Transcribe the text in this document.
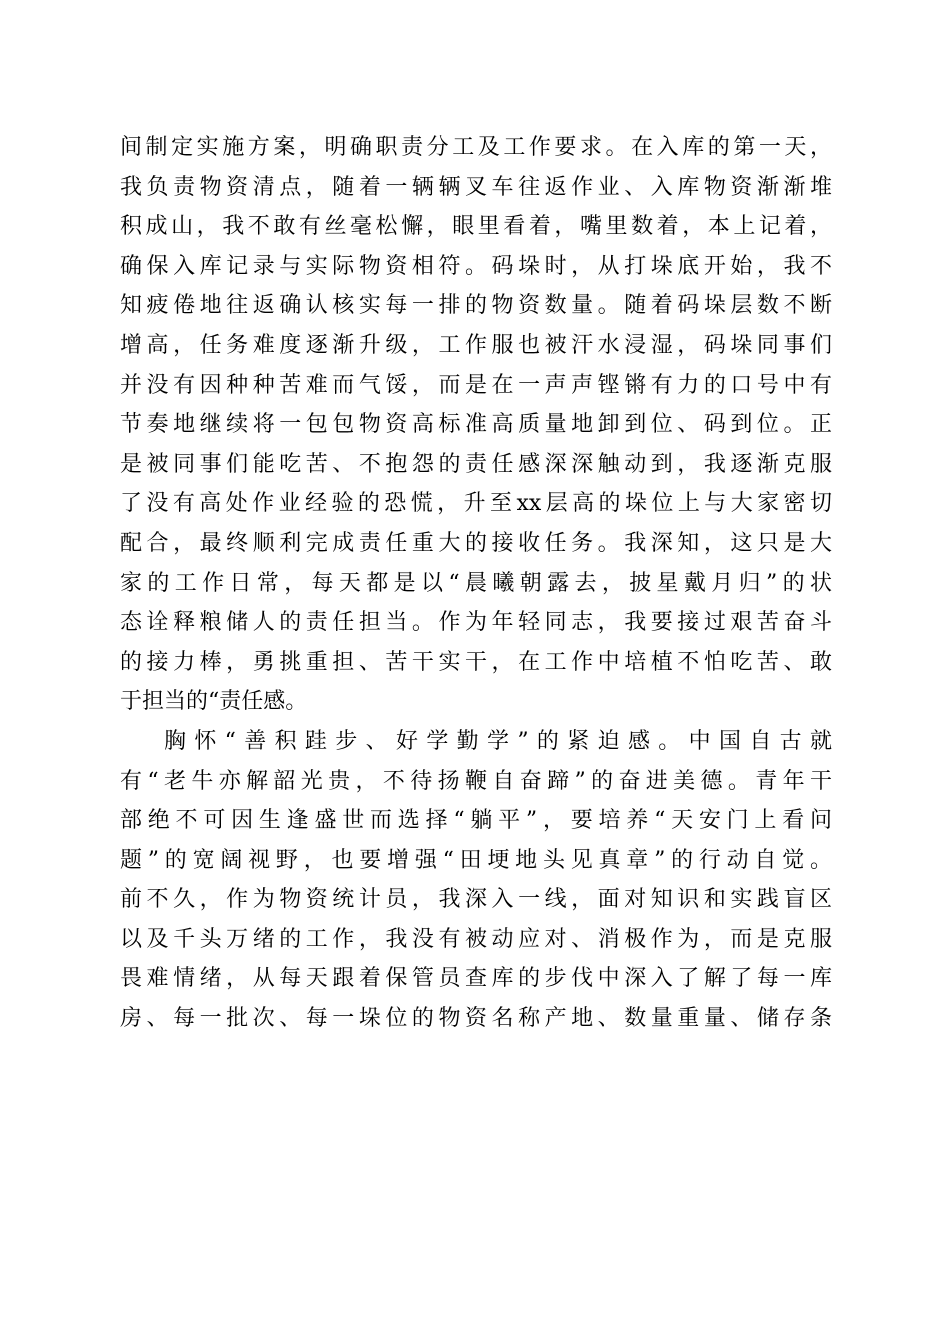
间制定实施方案，明确职责分工及工作要求。在入库的第一天，
我负责物资清点，随着一辆辆叉车往返作业、入库物资渐渐堆
积成山，我不敢有丝毫松懈，眼里看着，嘴里数着，本上记着，
确保入库记录与实际物资相符。码垛时，从打垛底开始，我不
知疲倦地往返确认核实每一排的物资数量。随着码垛层数不断
增高，任务难度逐渐升级，工作服也被汗水浸湿，码垛同事们
并没有因种种苦难而气馁，而是在一声声铿锵有力的口号中有
节奏地继续将一包包物资高标准高质量地卸到位、码到位。正
是被同事们能吃苦、不抱怨的责任感深深触动到，我逐渐克服
了没有高处作业经验的恐慌，升至xx层高的垛位上与大家密切
配合，最终顺利完成责任重大的接收任务。我深知，这只是大
家的工作日常，每天都是以“晨曦朝露去，披星戴月归”的状
态诠释粮储人的责任担当。作为年轻同志，我要接过艰苦奋斗
的接力棒，勇挑重担、苦干实干，在工作中培植不怕吃苦、敢
于担当的“责任感。
胸怀“善积跬步、好学勤学”的紧迫感。中国自古就
有“老牛亦解韶光贵，不待扬鞭自奋蹄”的奋进美德。青年干
部绝不可因生逢盛世而选择“躺平”，要培养“天安门上看问
题”的宽阔视野，也要增强“田埂地头见真章”的行动自觉。
前不久，作为物资统计员，我深入一线，面对知识和实践盲区
以及千头万绪的工作，我没有被动应对、消极作为，而是克服
畏难情绪，从每天跟着保管员查库的步伐中深入了解了每一库
房、每一批次、每一垛位的物资名称产地、数量重量、储存条
